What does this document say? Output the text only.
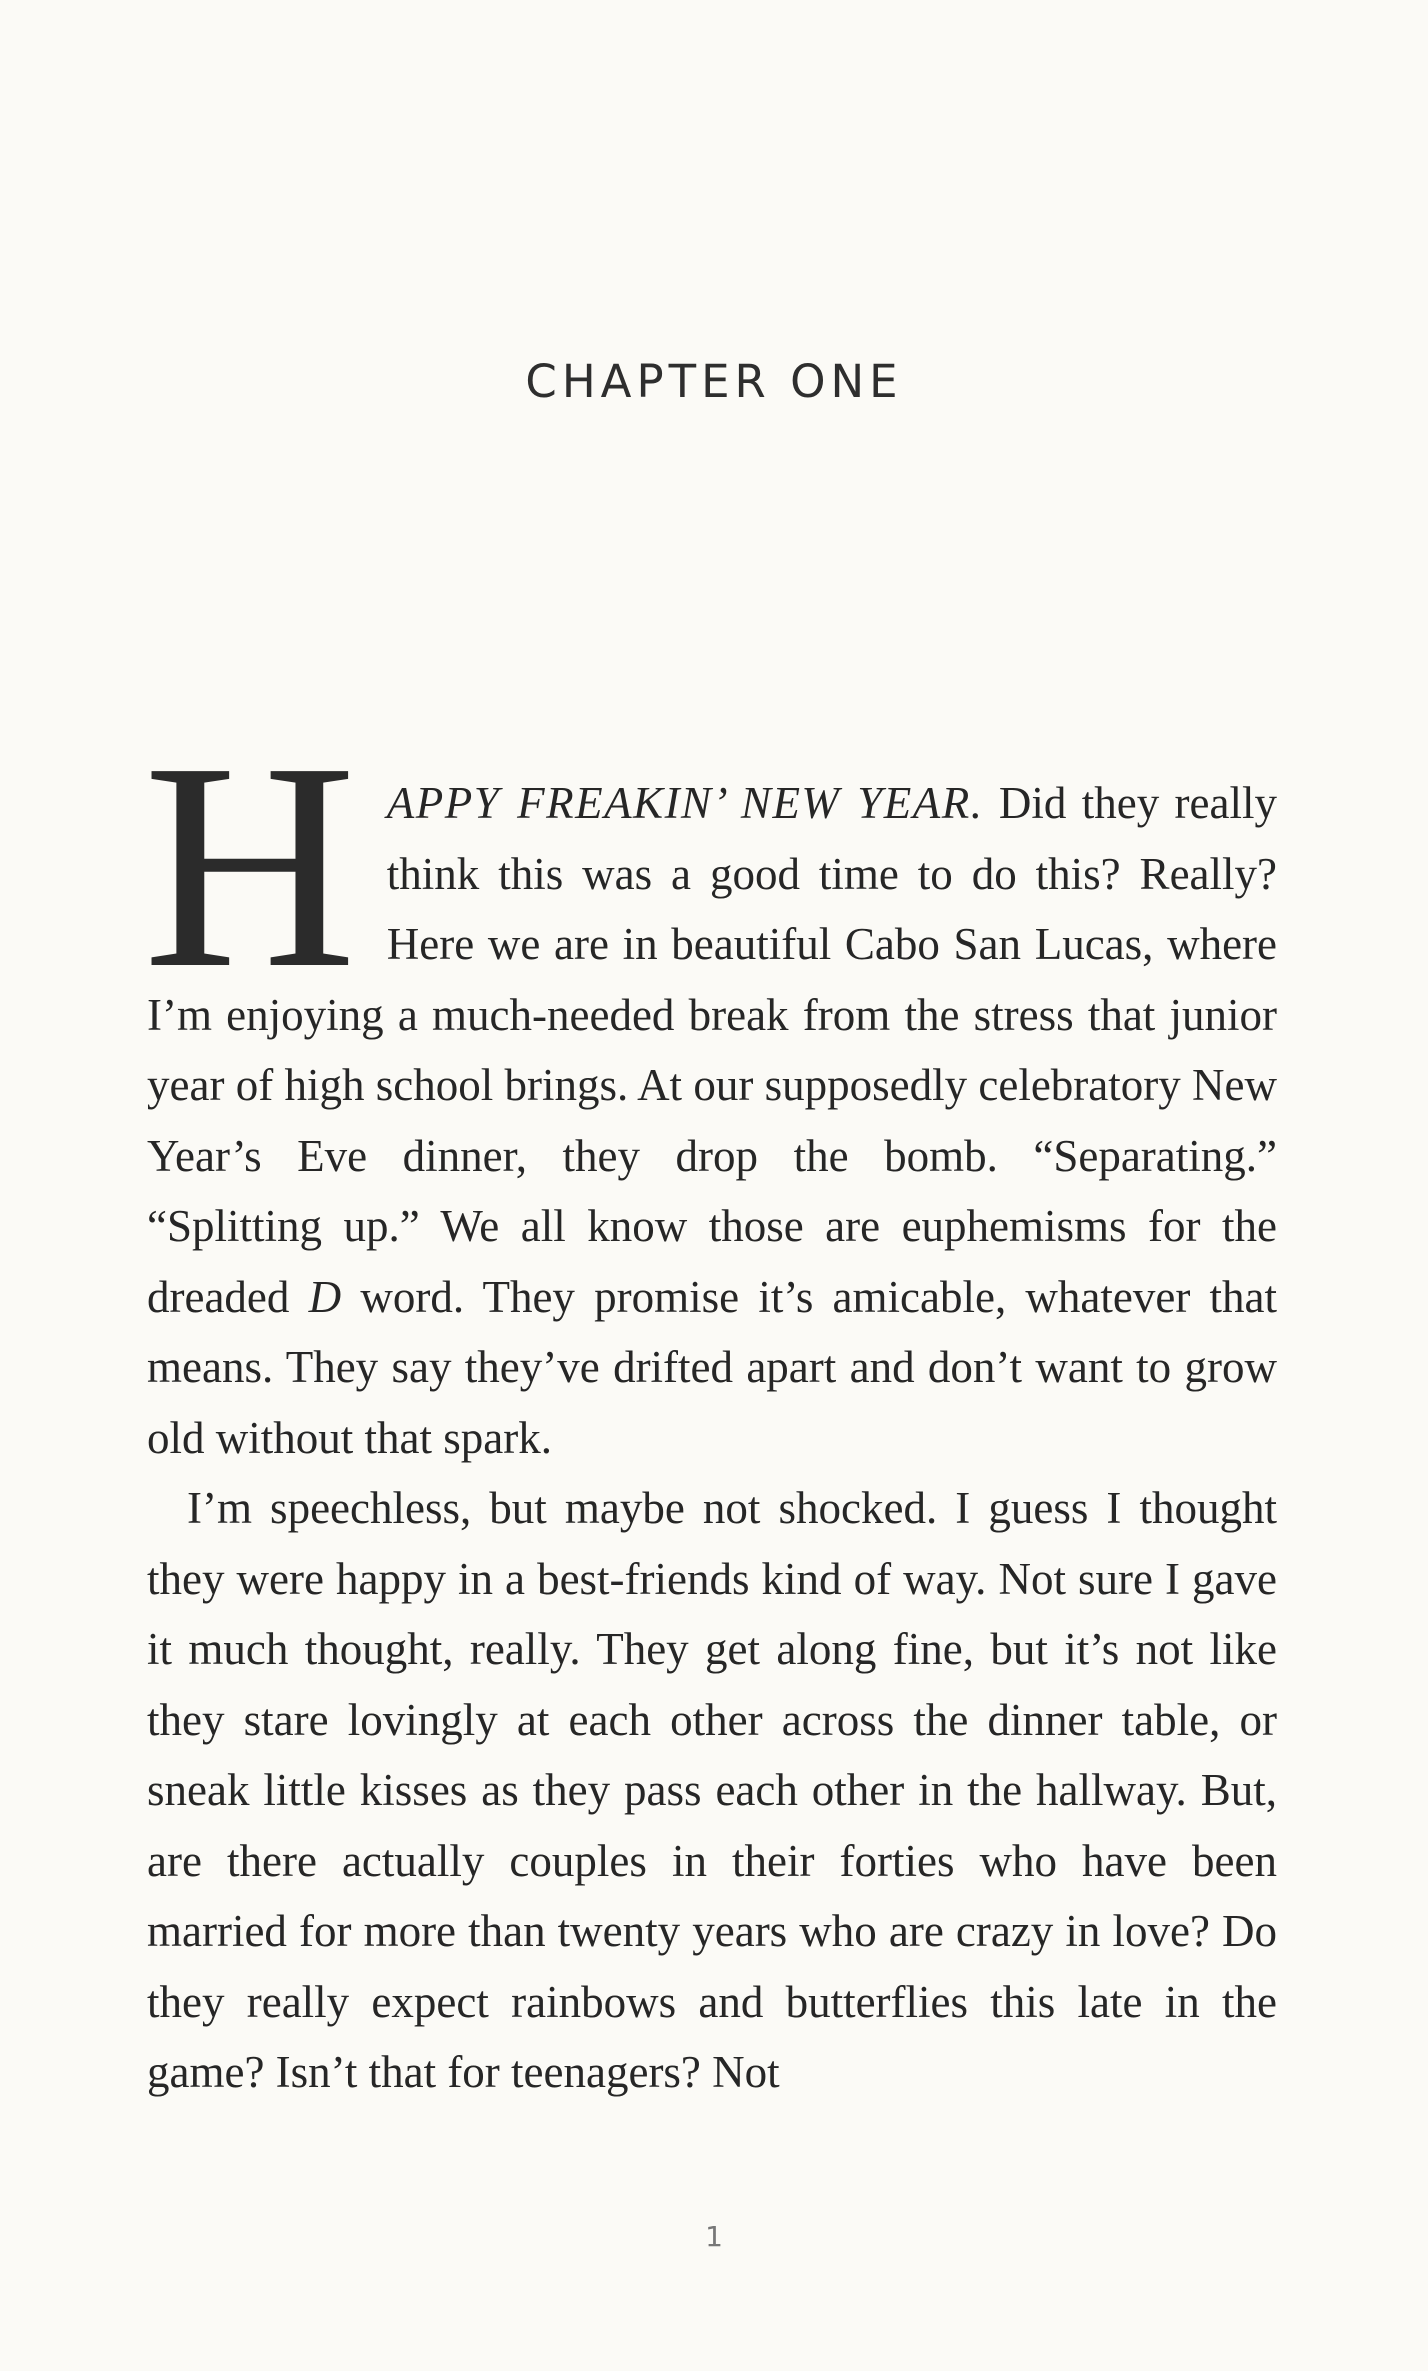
CHAPTER ONE

HAPPY FREAKIN’ NEW YEAR. Did they really think this was a good time to do this? Really? Here we are in beautiful Cabo San Lucas, where I’m enjoying a much-needed break from the stress that junior year of high school brings. At our supposedly celebratory New Year’s Eve dinner, they drop the bomb. “Separating.” “Splitting up.” We all know those are euphemisms for the dreaded D word. They promise it’s amicable, whatever that means. They say they’ve drifted apart and don’t want to grow old without that spark.

I’m speechless, but maybe not shocked. I guess I thought they were happy in a best-friends kind of way. Not sure I gave it much thought, really. They get along fine, but it’s not like they stare lovingly at each other across the dinner table, or sneak little kisses as they pass each other in the hallway. But, are there actually couples in their forties who have been married for more than twenty years who are crazy in love? Do they really expect rainbows and butterflies this late in the game? Isn’t that for teenagers? Not

1
